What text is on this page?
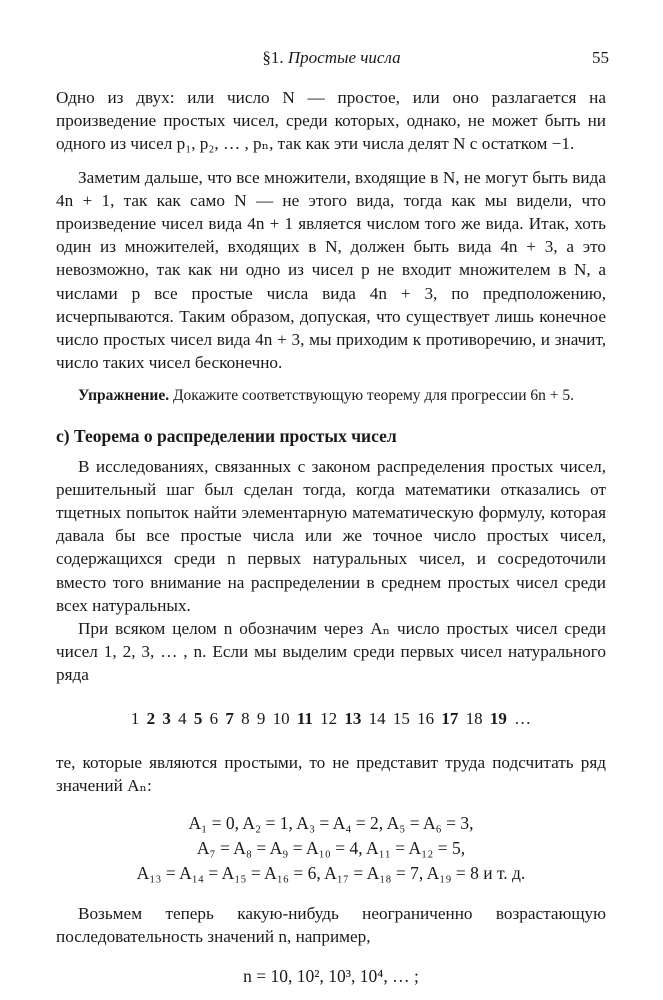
§1. Простые числа	55

Одно из двух: или число N — простое, или оно разлагается на произведение простых чисел, среди которых, однако, не может быть ни одного из чисел p₁, p₂, … , pₙ, так как эти числа делят N с остатком −1.

Заметим дальше, что все множители, входящие в N, не могут быть вида 4n + 1, так как само N — не этого вида, тогда как мы видели, что произведение чисел вида 4n + 1 является числом того же вида. Итак, хоть один из множителей, входящих в N, должен быть вида 4n + 3, а это невозможно, так как ни одно из чисел p не входит множителем в N, а числами p все простые числа вида 4n + 3, по предположению, исчерпываются. Таким образом, допуская, что существует лишь конечное число простых чисел вида 4n + 3, мы приходим к противоречию, и значит, число таких чисел бесконечно.

Упражнение. Докажите соответствующую теорему для прогрессии 6n + 5.

с) Теорема о распределении простых чисел

В исследованиях, связанных с законом распределения простых чисел, решительный шаг был сделан тогда, когда математики отказались от тщетных попыток найти элементарную математическую формулу, которая давала бы все простые числа или же точное число простых чисел, содержащихся среди n первых натуральных чисел, и сосредоточили вместо того внимание на распределении в среднем простых чисел среди всех натуральных.

При всяком целом n обозначим через Aₙ число простых чисел среди чисел 1, 2, 3, … , n. Если мы выделим среди первых чисел натурального ряда

1 2 3 4 5 6 7 8 9 10 11 12 13 14 15 16 17 18 19 …

те, которые являются простыми, то не представит труда подсчитать ряд значений Aₙ:

A₁ = 0, A₂ = 1, A₃ = A₄ = 2, A₅ = A₆ = 3,
A₇ = A₈ = A₉ = A₁₀ = 4, A₁₁ = A₁₂ = 5,
A₁₃ = A₁₄ = A₁₅ = A₁₆ = 6, A₁₇ = A₁₈ = 7, A₁₉ = 8 и т. д.

Возьмем теперь какую-нибудь неограниченно возрастающую последовательность значений n, например,

n = 10, 10², 10³, 10⁴, … ;
